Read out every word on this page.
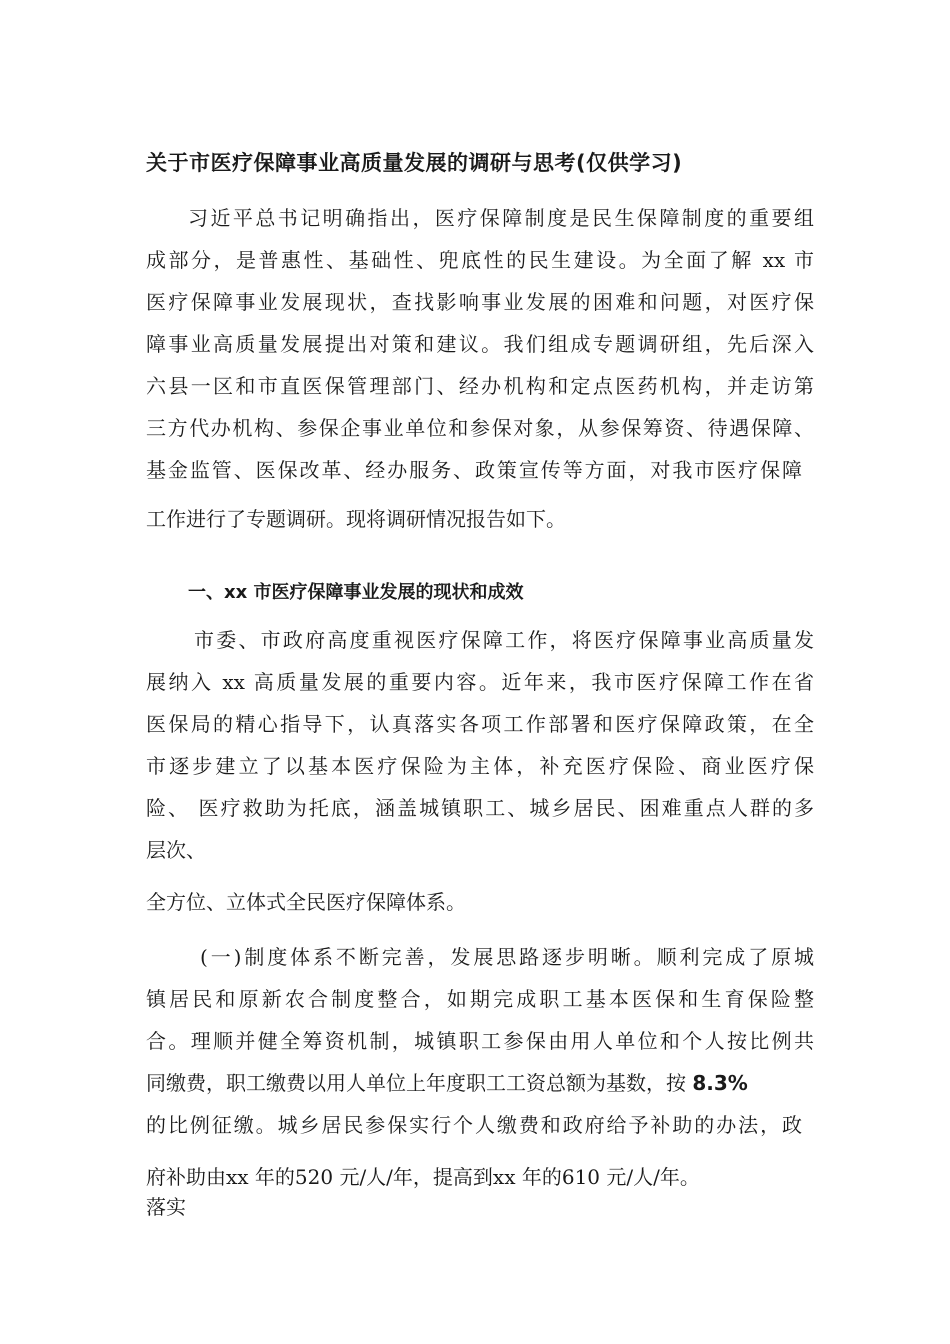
关于市医疗保障事业高质量发展的调研与思考(仅供学习)
习近平总书记明确指出，医疗保障制度是民生保障制度的重要组
成部分，是普惠性、基础性、兜底性的民生建设。为全面了解 xx 市
医疗保障事业发展现状，查找影响事业发展的困难和问题，对医疗保
障事业高质量发展提出对策和建议。我们组成专题调研组，先后深入
六县一区和市直医保管理部门、经办机构和定点医药机构，并走访第
三方代办机构、参保企事业单位和参保对象，从参保筹资、待遇保障、
基金监管、医保改革、经办服务、政策宣传等方面，对我市医疗保障
工作进行了专题调研。现将调研情况报告如下。
一、xx 市医疗保障事业发展的现状和成效
市委、市政府高度重视医疗保障工作，将医疗保障事业高质量发
展纳入 xx 高质量发展的重要内容。近年来，我市医疗保障工作在省
医保局的精心指导下，认真落实各项工作部署和医疗保障政策，在全
市逐步建立了以基本医疗保险为主体，补充医疗保险、商业医疗保
险、 医疗救助为托底，涵盖城镇职工、城乡居民、困难重点人群的多
层次、
全方位、立体式全民医疗保障体系。
(一)制度体系不断完善，发展思路逐步明晰。顺利完成了原城
镇居民和原新农合制度整合，如期完成职工基本医保和生育保险整
合。理顺并健全筹资机制，城镇职工参保由用人单位和个人按比例共
同缴费，职工缴费以用人单位上年度职工工资总额为基数，按 8.3%
的比例征缴。城乡居民参保实行个人缴费和政府给予补助的办法，政
府补助由xx 年的520 元/人/年，提高到xx 年的610 元/人/年。
落实
